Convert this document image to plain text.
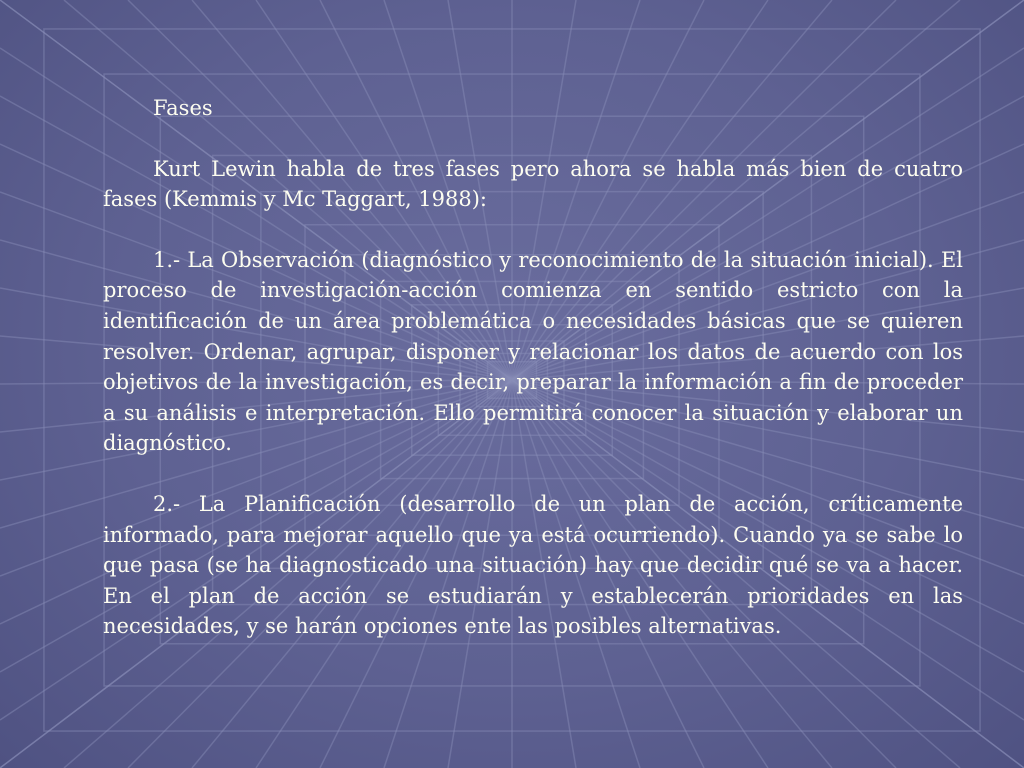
Fases

Kurt Lewin habla de tres fases pero ahora se habla más bien de cuatro fases (Kemmis y Mc Taggart, 1988):

1.- La Observación (diagnóstico y reconocimiento de la situación inicial). El proceso de investigación-acción comienza en sentido estricto con la identificación de un área problemática o necesidades básicas que se quieren resolver. Ordenar, agrupar, disponer y relacionar los datos de acuerdo con los objetivos de la investigación, es decir, preparar la información a fin de proceder a su análisis e interpretación. Ello permitirá conocer la situación y elaborar un diagnóstico.

2.- La Planificación (desarrollo de un plan de acción, críticamente informado, para mejorar aquello que ya está ocurriendo). Cuando ya se sabe lo que pasa (se ha diagnosticado una situación) hay que decidir qué se va a hacer. En el plan de acción se estudiarán y establecerán prioridades en las necesidades, y se harán opciones ente las posibles alternativas.
